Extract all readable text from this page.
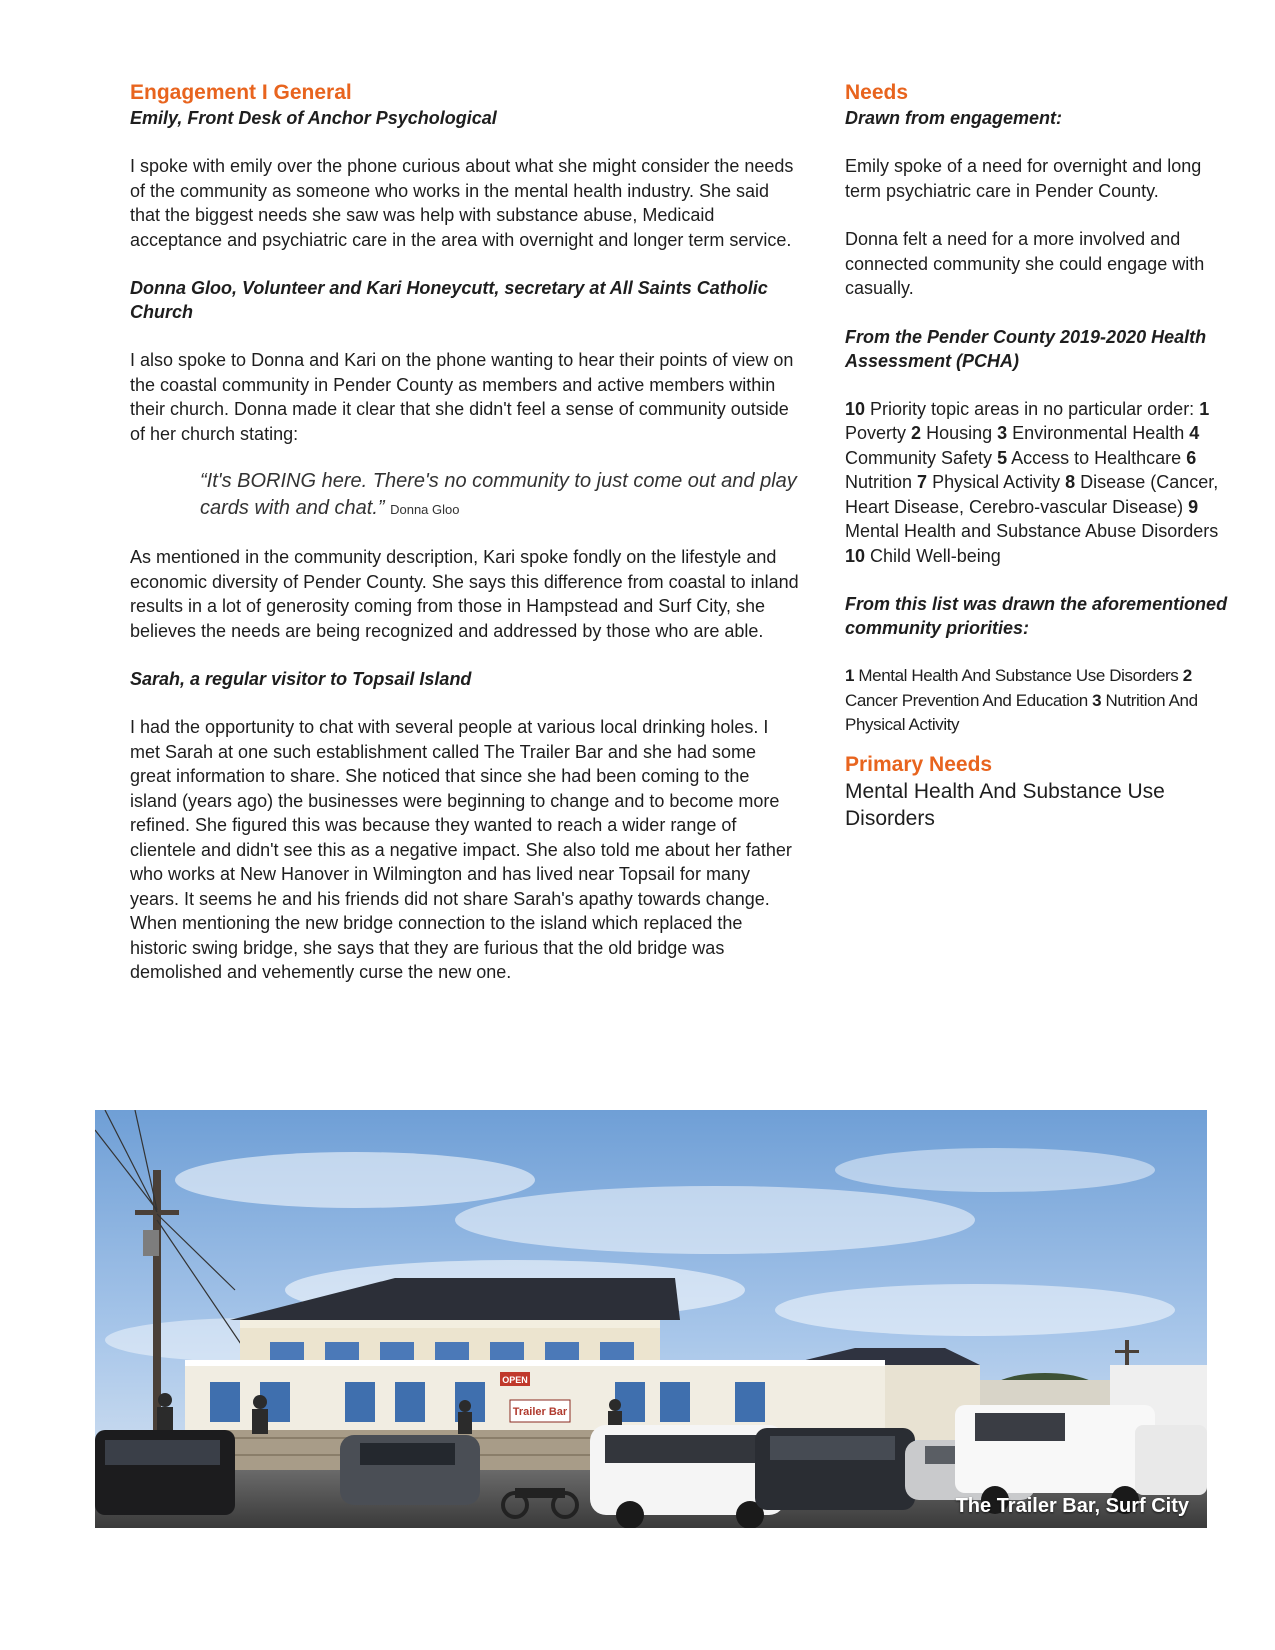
Engagement I General

Emily, Front Desk of Anchor Psychological

I spoke with emily over the phone curious about what she might consider the needs of the community as someone who works in the mental health industry. She said that the biggest needs she saw was help with substance abuse, Medicaid acceptance and psychiatric care in the area with overnight and longer term service.

Donna Gloo, Volunteer and Kari Honeycutt, secretary at All Saints Catholic Church

I also spoke to Donna and Kari on the phone wanting to hear their points of view on the coastal community in Pender County as members and active members within their church. Donna made it clear that she didn't feel a sense of community outside of her church stating:

“It's BORING here. There's no community to just come out and play cards with and chat.” Donna Gloo

As mentioned in the community description, Kari spoke fondly on the lifestyle and economic diversity of Pender County. She says this difference from coastal to inland results in a lot of generosity coming from those in Hampstead and Surf City, she believes the needs are being recognized and addressed by those who are able.

Sarah, a regular visitor to Topsail Island

I had the opportunity to chat with several people at various local drinking holes. I met Sarah at one such establishment called The Trailer Bar and she had some great information to share. She noticed that since she had been coming to the island (years ago) the businesses were beginning to change and to become more refined. She figured this was because they wanted to reach a wider range of clientele and didn't see this as a negative impact. She also told me about her father who works at New Hanover in Wilmington and has lived near Topsail for many years. It seems he and his friends did not share Sarah's apathy towards change. When mentioning the new bridge connection to the island which replaced the historic swing bridge, she says that they are furious that the old bridge was demolished and vehemently curse the new one.

Needs

Drawn from engagement:

Emily spoke of a need for overnight and long term psychiatric care in Pender County.

Donna felt a need for a more involved and connected community she could engage with casually.

From the Pender County 2019-2020 Health Assessment (PCHA)

10 Priority topic areas in no particular order: 1 Poverty 2 Housing 3 Environmental Health 4 Community Safety 5 Access to Healthcare 6 Nutrition 7 Physical Activity 8 Disease (Cancer, Heart Disease, Cerebro-vascular Disease) 9 Mental Health and Substance Abuse Disorders 10 Child Well-being

From this list was drawn the aforementioned community priorities:

1 Mental Health And Substance Use Disorders 2 Cancer Prevention And Education 3 Nutrition And Physical Activity

Primary Needs

Mental Health And Substance Use Disorders

OPEN
Trailer Bar
The Trailer Bar, Surf City
